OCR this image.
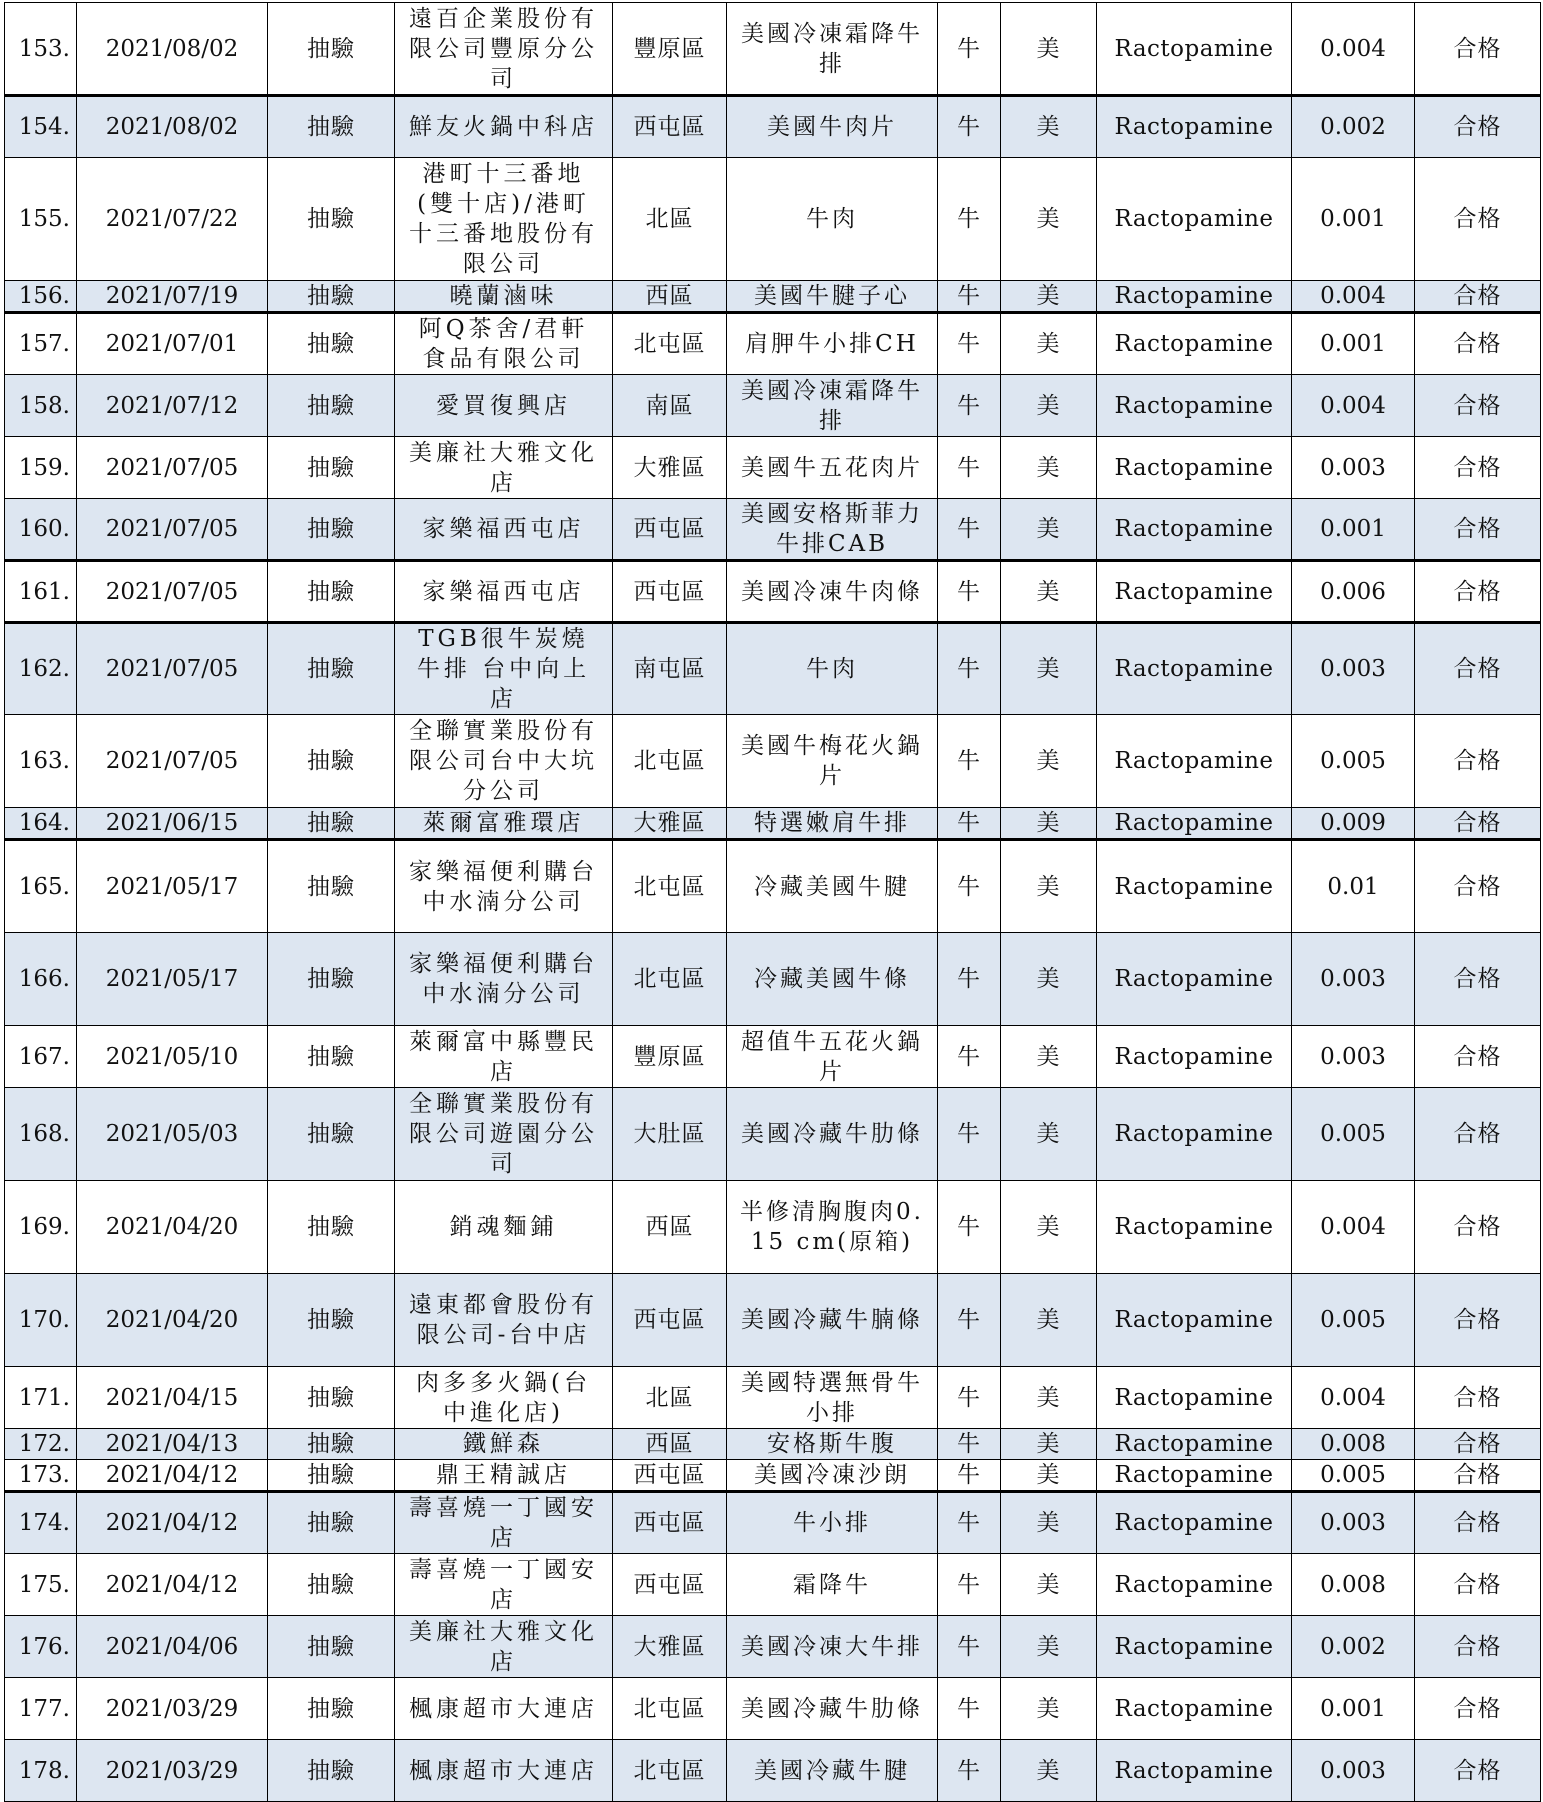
153.	2021/08/02	抽驗	遠百企業股份有限公司豐原分公司	豐原區	美國冷凍霜降牛排	牛	美	Ractopamine	0.004	合格
154.	2021/08/02	抽驗	鮮友火鍋中科店	西屯區	美國牛肉片	牛	美	Ractopamine	0.002	合格
155.	2021/07/22	抽驗	港町十三番地(雙十店)/港町十三番地股份有限公司	北區	牛肉	牛	美	Ractopamine	0.001	合格
156.	2021/07/19	抽驗	曉蘭滷味	西區	美國牛腱子心	牛	美	Ractopamine	0.004	合格
157.	2021/07/01	抽驗	阿Q茶舍/君軒食品有限公司	北屯區	肩胛牛小排CH	牛	美	Ractopamine	0.001	合格
158.	2021/07/12	抽驗	愛買復興店	南區	美國冷凍霜降牛排	牛	美	Ractopamine	0.004	合格
159.	2021/07/05	抽驗	美廉社大雅文化店	大雅區	美國牛五花肉片	牛	美	Ractopamine	0.003	合格
160.	2021/07/05	抽驗	家樂福西屯店	西屯區	美國安格斯菲力牛排CAB	牛	美	Ractopamine	0.001	合格
161.	2021/07/05	抽驗	家樂福西屯店	西屯區	美國冷凍牛肉條	牛	美	Ractopamine	0.006	合格
162.	2021/07/05	抽驗	TGB很牛炭燒牛排 台中向上店	南屯區	牛肉	牛	美	Ractopamine	0.003	合格
163.	2021/07/05	抽驗	全聯實業股份有限公司台中大坑分公司	北屯區	美國牛梅花火鍋片	牛	美	Ractopamine	0.005	合格
164.	2021/06/15	抽驗	萊爾富雅環店	大雅區	特選嫩肩牛排	牛	美	Ractopamine	0.009	合格
165.	2021/05/17	抽驗	家樂福便利購台中水湳分公司	北屯區	冷藏美國牛腱	牛	美	Ractopamine	0.01	合格
166.	2021/05/17	抽驗	家樂福便利購台中水湳分公司	北屯區	冷藏美國牛條	牛	美	Ractopamine	0.003	合格
167.	2021/05/10	抽驗	萊爾富中縣豐民店	豐原區	超值牛五花火鍋片	牛	美	Ractopamine	0.003	合格
168.	2021/05/03	抽驗	全聯實業股份有限公司遊園分公司	大肚區	美國冷藏牛肋條	牛	美	Ractopamine	0.005	合格
169.	2021/04/20	抽驗	銷魂麵鋪	西區	半修清胸腹肉0.15 cm(原箱)	牛	美	Ractopamine	0.004	合格
170.	2021/04/20	抽驗	遠東都會股份有限公司-台中店	西屯區	美國冷藏牛腩條	牛	美	Ractopamine	0.005	合格
171.	2021/04/15	抽驗	肉多多火鍋(台中進化店)	北區	美國特選無骨牛小排	牛	美	Ractopamine	0.004	合格
172.	2021/04/13	抽驗	鐵鮮森	西區	安格斯牛腹	牛	美	Ractopamine	0.008	合格
173.	2021/04/12	抽驗	鼎王精誠店	西屯區	美國冷凍沙朗	牛	美	Ractopamine	0.005	合格
174.	2021/04/12	抽驗	壽喜燒一丁國安店	西屯區	牛小排	牛	美	Ractopamine	0.003	合格
175.	2021/04/12	抽驗	壽喜燒一丁國安店	西屯區	霜降牛	牛	美	Ractopamine	0.008	合格
176.	2021/04/06	抽驗	美廉社大雅文化店	大雅區	美國冷凍大牛排	牛	美	Ractopamine	0.002	合格
177.	2021/03/29	抽驗	楓康超市大連店	北屯區	美國冷藏牛肋條	牛	美	Ractopamine	0.001	合格
178.	2021/03/29	抽驗	楓康超市大連店	北屯區	美國冷藏牛腱	牛	美	Ractopamine	0.003	合格
